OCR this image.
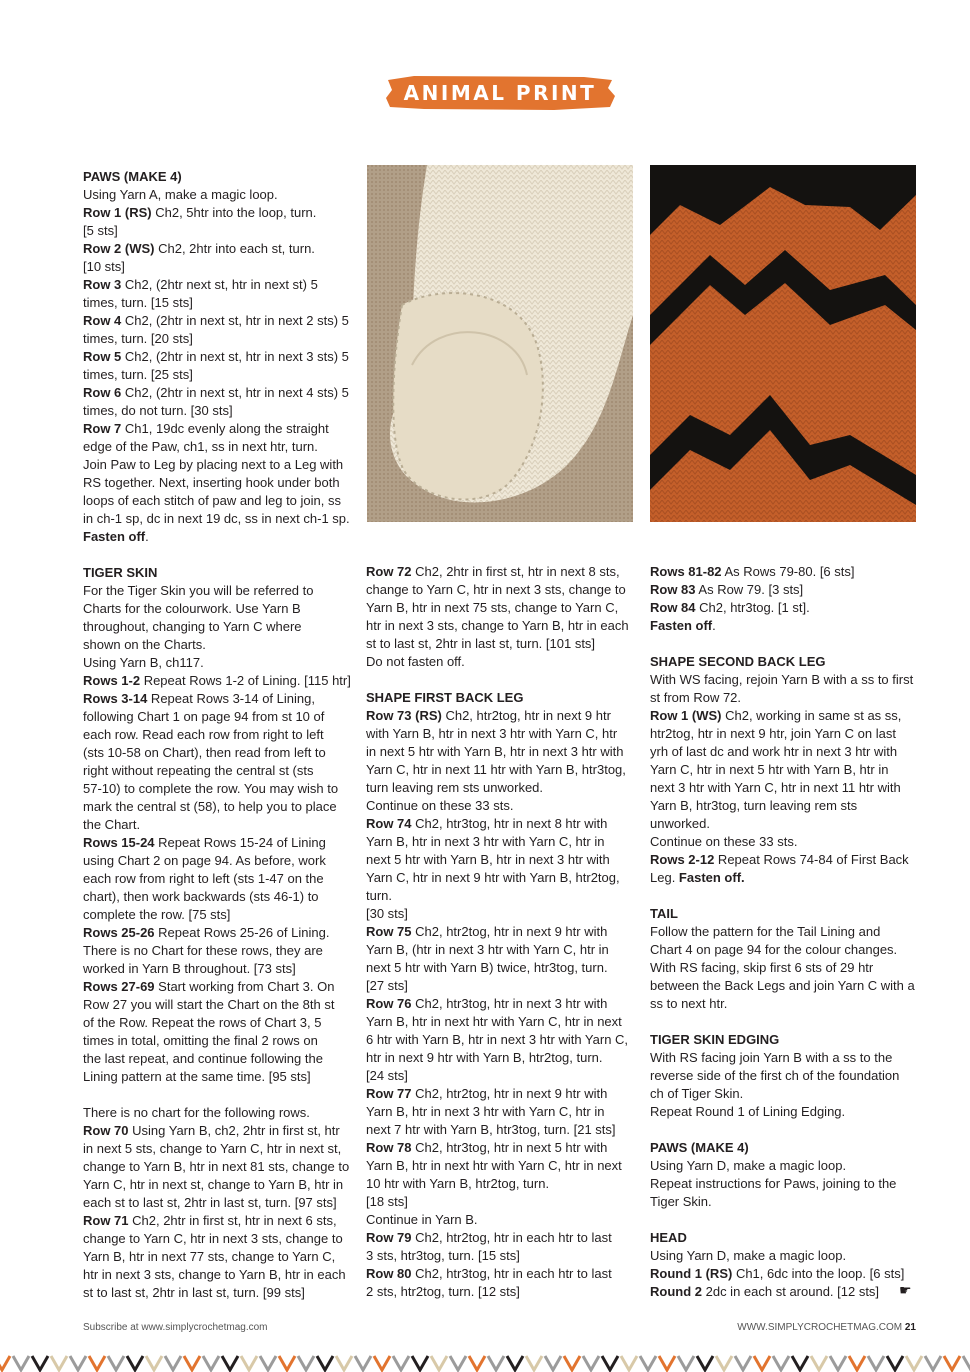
ANIMAL PRINT IDEAS

PAWS (MAKE 4)

Using Yarn A, make a magic loop.

Row 1 (RS) Ch2, 5htr into the loop, turn.

[5 sts]

Row 2 (WS) Ch2, 2htr into each st, turn.

[10 sts]

Row 3 Ch2, (2htr next st, htr in next st) 5

times, turn. [15 sts]

Row 4 Ch2, (2htr in next st, htr in next 2 sts) 5

times, turn. [20 sts]

Row 5 Ch2, (2htr in next st, htr in next 3 sts) 5

times, turn. [25 sts]

Row 6 Ch2, (2htr in next st, htr in next 4 sts) 5

times, do not turn. [30 sts]

Row 7 Ch1, 19dc evenly along the straight

edge of the Paw, ch1, ss in next htr, turn.

Join Paw to Leg by placing next to a Leg with

RS together. Next, inserting hook under both

loops of each stitch of paw and leg to join, ss

in ch-1 sp, dc in next 19 dc, ss in next ch-1 sp.

Fasten off.

TIGER SKIN

For the Tiger Skin you will be referred to

Charts for the colourwork. Use Yarn B

throughout, changing to Yarn C where

shown on the Charts.

Using Yarn B, ch117.

Rows 1-2 Repeat Rows 1-2 of Lining. [115 htr]

Rows 3-14 Repeat Rows 3-14 of Lining,

following Chart 1 on page 94 from st 10 of

each row. Read each row from right to left

(sts 10-58 on Chart), then read from left to

right without repeating the central st (sts

57-10) to complete the row. You may wish to

mark the central st (58), to help you to place

the Chart.

Rows 15-24 Repeat Rows 15-24 of Lining

using Chart 2 on page 94. As before, work

each row from right to left (sts 1-47 on the

chart), then work backwards (sts 46-1) to

complete the row. [75 sts]

Rows 25-26 Repeat Rows 25-26 of Lining.

There is no Chart for these rows, they are

worked in Yarn B throughout. [73 sts]

Rows 27-69 Start working from Chart 3. On

Row 27 you will start the Chart on the 8th st

of the Row. Repeat the rows of Chart 3, 5

times in total, omitting the final 2 rows on

the last repeat, and continue following the

Lining pattern at the same time. [95 sts]

There is no chart for the following rows.

Row 70 Using Yarn B, ch2, 2htr in first st, htr

in next 5 sts, change to Yarn C, htr in next st,

change to Yarn B, htr in next 81 sts, change to

Yarn C, htr in next st, change to Yarn B, htr in

each st to last st, 2htr in last st, turn. [97 sts]

Row 71 Ch2, 2htr in first st, htr in next 6 sts,

change to Yarn C, htr in next 3 sts, change to

Yarn B, htr in next 77 sts, change to Yarn C,

htr in next 3 sts, change to Yarn B, htr in each

st to last st, 2htr in last st, turn. [99 sts]

Row 72 Ch2, 2htr in first st, htr in next 8 sts,

change to Yarn C, htr in next 3 sts, change to

Yarn B, htr in next 75 sts, change to Yarn C,

htr in next 3 sts, change to Yarn B, htr in each

st to last st, 2htr in last st, turn. [101 sts]

Do not fasten off.

SHAPE FIRST BACK LEG

Row 73 (RS) Ch2, htr2tog, htr in next 9 htr

with Yarn B, htr in next 3 htr with Yarn C, htr

in next 5 htr with Yarn B, htr in next 3 htr with

Yarn C, htr in next 11 htr with Yarn B, htr3tog,

turn leaving rem sts unworked.

Continue on these 33 sts.

Row 74 Ch2, htr3tog, htr in next 8 htr with

Yarn B, htr in next 3 htr with Yarn C, htr in

next 5 htr with Yarn B, htr in next 3 htr with

Yarn C, htr in next 9 htr with Yarn B, htr2tog,

turn.

[30 sts]

Row 75 Ch2, htr2tog, htr in next 9 htr with

Yarn B, (htr in next 3 htr with Yarn C, htr in

next 5 htr with Yarn B) twice, htr3tog, turn.

[27 sts]

Row 76 Ch2, htr3tog, htr in next 3 htr with

Yarn B, htr in next htr with Yarn C, htr in next

6 htr with Yarn B, htr in next 3 htr with Yarn C,

htr in next 9 htr with Yarn B, htr2tog, turn.

[24 sts]

Row 77 Ch2, htr2tog, htr in next 9 htr with

Yarn B, htr in next 3 htr with Yarn C, htr in

next 7 htr with Yarn B, htr3tog, turn. [21 sts]

Row 78 Ch2, htr3tog, htr in next 5 htr with

Yarn B, htr in next htr with Yarn C, htr in next

10 htr with Yarn B, htr2tog, turn.

[18 sts]

Continue in Yarn B.

Row 79 Ch2, htr2tog, htr in each htr to last

3 sts, htr3tog, turn. [15 sts]

Row 80 Ch2, htr3tog, htr in each htr to last

2 sts, htr2tog, turn. [12 sts]

Rows 81-82 As Rows 79-80. [6 sts]

Row 83 As Row 79. [3 sts]

Row 84 Ch2, htr3tog. [1 st].

Fasten off.

SHAPE SECOND BACK LEG

With WS facing, rejoin Yarn B with a ss to first

st from Row 72.

Row 1 (WS) Ch2, working in same st as ss,

htr2tog, htr in next 9 htr, join Yarn C on last

yrh of last dc and work htr in next 3 htr with

Yarn C, htr in next 5 htr with Yarn B, htr in

next 3 htr with Yarn C, htr in next 11 htr with

Yarn B, htr3tog, turn leaving rem sts

unworked.

Continue on these 33 sts.

Rows 2-12 Repeat Rows 74-84 of First Back

Leg. Fasten off.

TAIL

Follow the pattern for the Tail Lining and

Chart 4 on page 94 for the colour changes.

With RS facing, skip first 6 sts of 29 htr

between the Back Legs and join Yarn C with a

ss to next htr.

TIGER SKIN EDGING

With RS facing join Yarn B with a ss to the

reverse side of the first ch of the foundation

ch of Tiger Skin.

Repeat Round 1 of Lining Edging.

PAWS (MAKE 4)

Using Yarn D, make a magic loop.

Repeat instructions for Paws, joining to the

Tiger Skin.

HEAD

Using Yarn D, make a magic loop.

Round 1 (RS) Ch1, 6dc into the loop. [6 sts]

Round 2 2dc in each st around. [12 sts]	☛
Subscribe at www.simplycrochetmag.com	WWW.SIMPLYCROCHETMAG.COM 21
